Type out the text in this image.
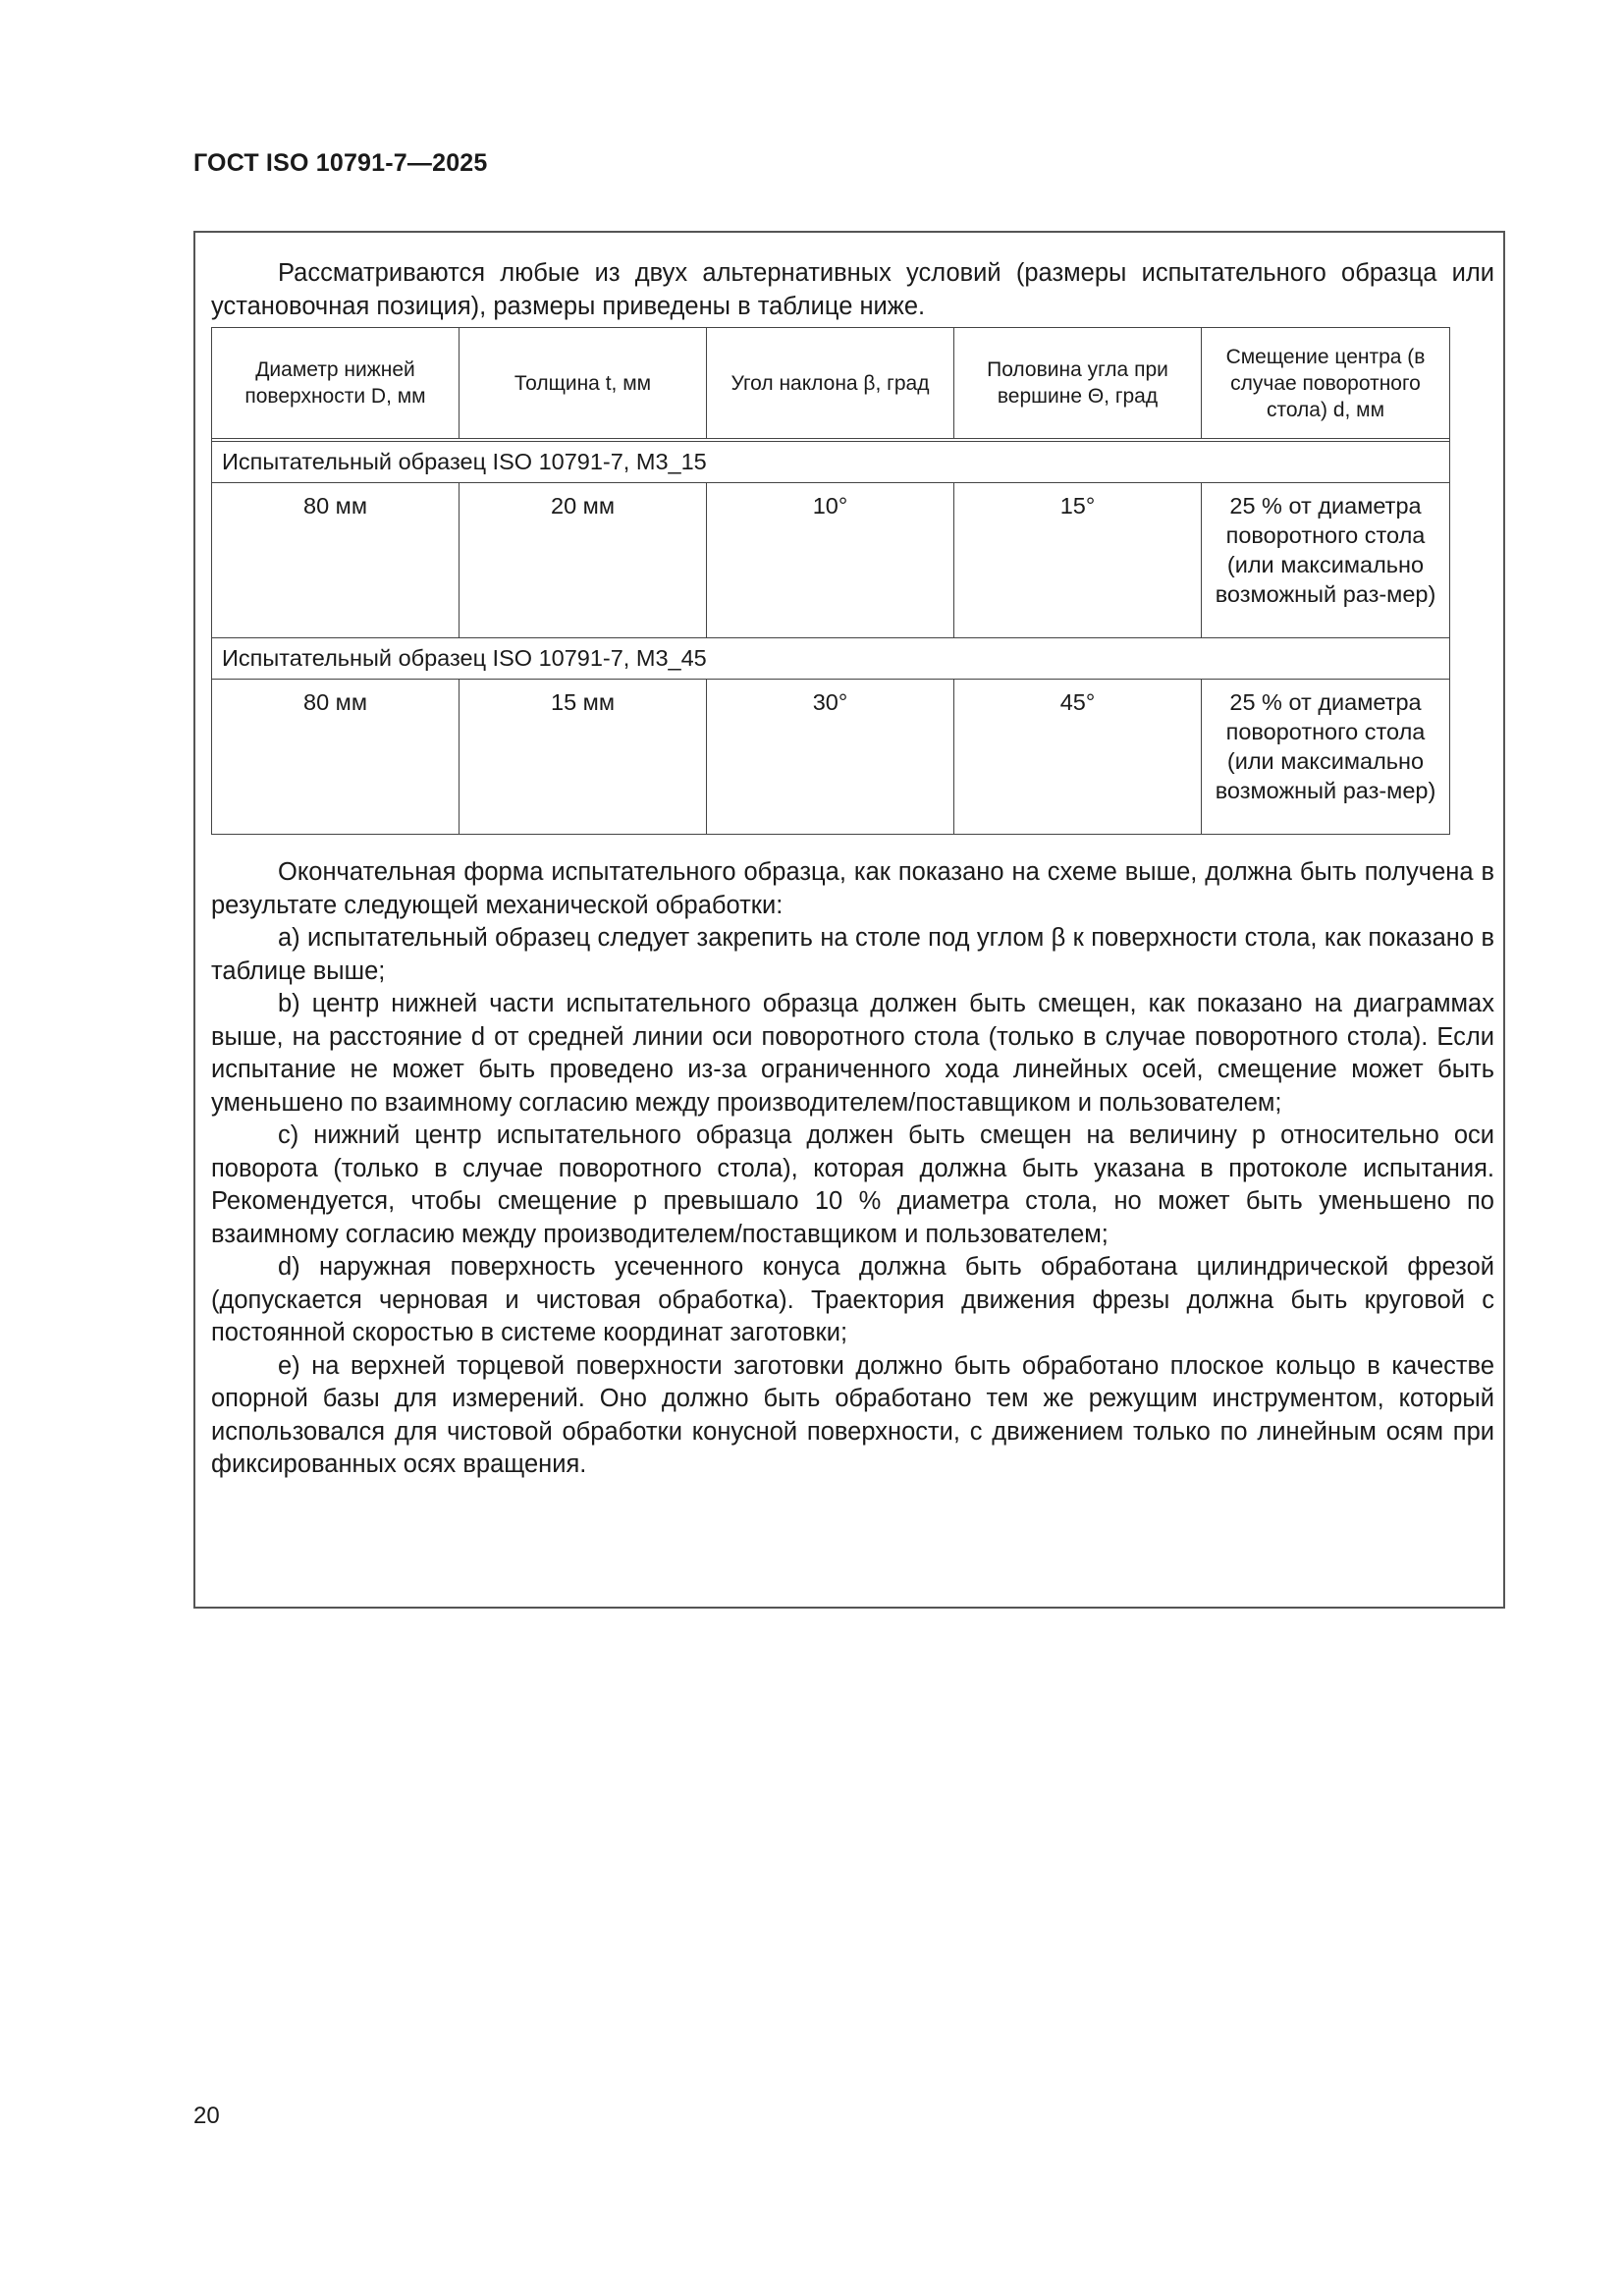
ГОСТ ISO 10791-7—2025

Рассматриваются любые из двух альтернативных условий (размеры испытательного образца или установочная позиция), размеры приведены в таблице ниже.

Диаметр нижней поверхности D, мм	Толщина t, мм	Угол наклона β, град	Половина угла при вершине Θ, град	Смещение центра (в случае поворотного стола) d, мм

Испытательный образец ISO 10791-7, M3_15				
80 мм	20 мм	10°	15°	25 % от диаметра поворотного стола (или максимально возможный раз-мер)
Испытательный образец ISO 10791-7, M3_45				
80 мм	15 мм	30°	45°	25 % от диаметра поворотного стола (или максимально возможный раз-мер)

Окончательная форма испытательного образца, как показано на схеме выше, должна быть получена в результате следующей механической обработки:

a) испытательный образец следует закрепить на столе под углом β к поверхности стола, как показано в таблице выше;

b) центр нижней части испытательного образца должен быть смещен, как показано на диаграммах выше, на расстояние d от средней линии оси поворотного стола (только в случае поворотного стола). Если испытание не может быть проведено из-за ограниченного хода линейных осей, смещение может быть уменьшено по взаимному согласию между производителем/поставщиком и пользователем;

c) нижний центр испытательного образца должен быть смещен на величину p относительно оси поворота (только в случае поворотного стола), которая должна быть указана в протоколе испытания. Рекомендуется, чтобы смещение p превышало 10 % диаметра стола, но может быть уменьшено по взаимному согласию между производителем/поставщиком и пользователем;

d) наружная поверхность усеченного конуса должна быть обработана цилиндрической фрезой (допускается черновая и чистовая обработка). Траектория движения фрезы должна быть круговой с постоянной скоростью в системе координат заготовки;

e) на верхней торцевой поверхности заготовки должно быть обработано плоское кольцо в качестве опорной базы для измерений. Оно должно быть обработано тем же режущим инструментом, который использовался для чистовой обработки конусной поверхности, с движением только по линейным осям при фиксированных осях вращения.

20
